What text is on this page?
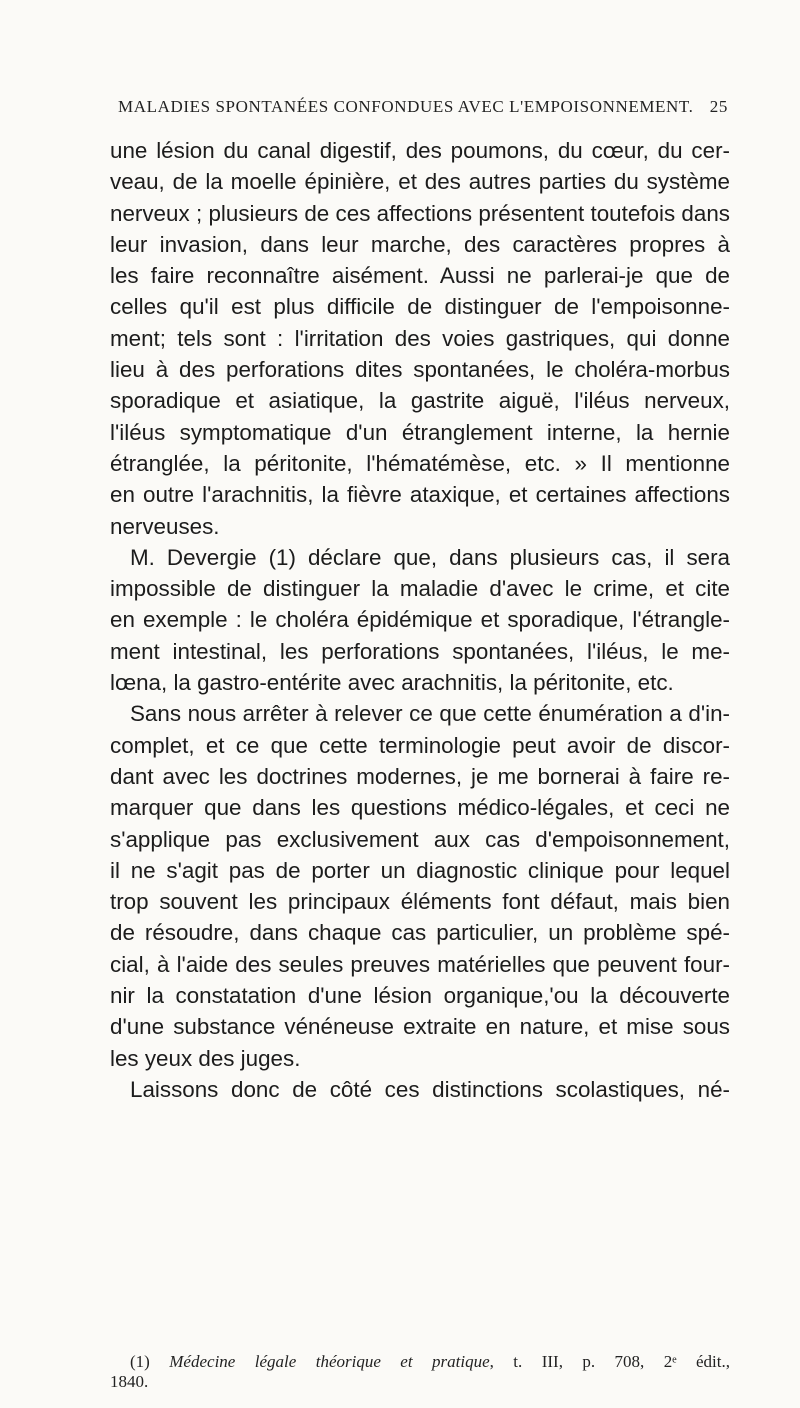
MALADIES SPONTANÉES CONFONDUES AVEC L'EMPOISONNEMENT. 25
une lésion du canal digestif, des poumons, du cœur, du cer-
veau, de la moelle épinière, et des autres parties du système
nerveux ; plusieurs de ces affections présentent toutefois dans
leur invasion, dans leur marche, des caractères propres à
les faire reconnaître aisément. Aussi ne parlerai-je que de
celles qu'il est plus difficile de distinguer de l'empoisonne-
ment; tels sont : l'irritation des voies gastriques, qui donne
lieu à des perforations dites spontanées, le choléra-morbus
sporadique et asiatique, la gastrite aiguë, l'iléus nerveux,
l'iléus symptomatique d'un étranglement interne, la hernie
étranglée, la péritonite, l'hématémèse, etc. » Il mentionne
en outre l'arachnitis, la fièvre ataxique, et certaines affections
nerveuses.
M. Devergie (1) déclare que, dans plusieurs cas, il sera
impossible de distinguer la maladie d'avec le crime, et cite
en exemple : le choléra épidémique et sporadique, l'étrangle-
ment intestinal, les perforations spontanées, l'iléus, le me-
lœna, la gastro-entérite avec arachnitis, la péritonite, etc.
Sans nous arrêter à relever ce que cette énumération a d'in-
complet, et ce que cette terminologie peut avoir de discor-
dant avec les doctrines modernes, je me bornerai à faire re-
marquer que dans les questions médico-légales, et ceci ne
s'applique pas exclusivement aux cas d'empoisonnement,
il ne s'agit pas de porter un diagnostic clinique pour lequel
trop souvent les principaux éléments font défaut, mais bien
de résoudre, dans chaque cas particulier, un problème spé-
cial, à l'aide des seules preuves matérielles que peuvent four-
nir la constatation d'une lésion organique,'ou la découverte
d'une substance vénéneuse extraite en nature, et mise sous
les yeux des juges.
Laissons donc de côté ces distinctions scolastiques, né-
(1) Médecine légale théorique et pratique, t. III, p. 708, 2ᵉ édit.,
1840.
